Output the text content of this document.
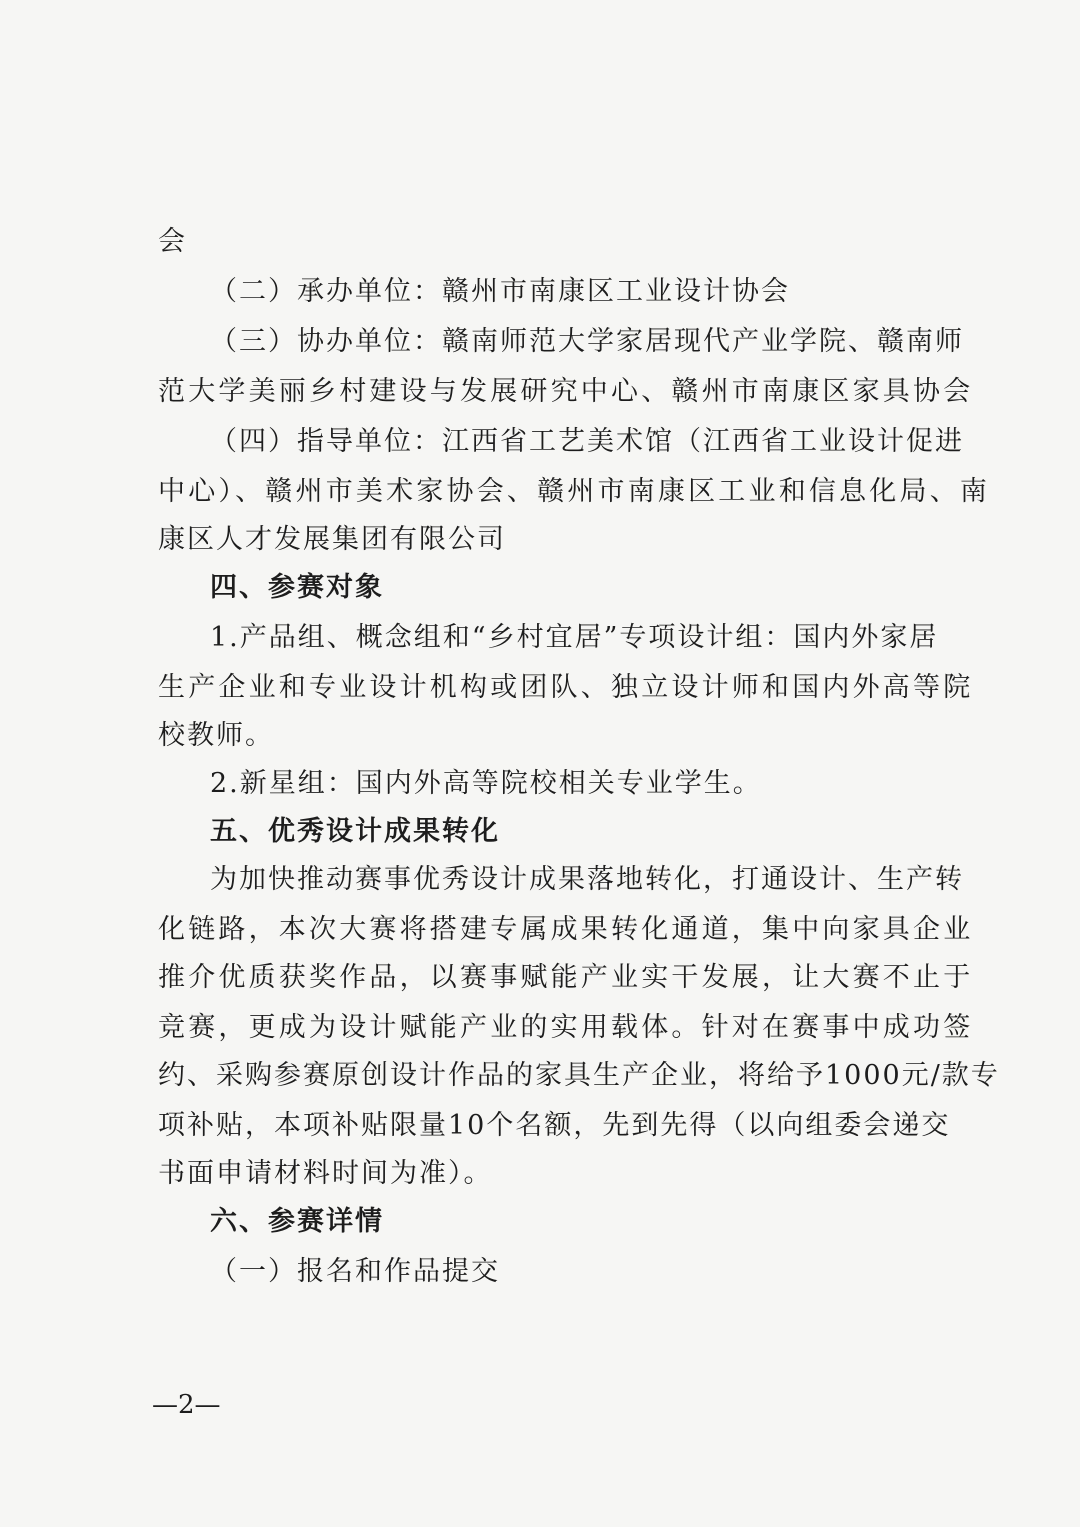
会
（二）承办单位：赣州市南康区工业设计协会
（三）协办单位：赣南师范大学家居现代产业学院、赣南师
范大学美丽乡村建设与发展研究中心、赣州市南康区家具协会
（四）指导单位：江西省工艺美术馆（江西省工业设计促进
中心）、赣州市美术家协会、赣州市南康区工业和信息化局、南
康区人才发展集团有限公司
四、参赛对象
1.产品组、概念组和“乡村宜居”专项设计组：国内外家居
生产企业和专业设计机构或团队、独立设计师和国内外高等院
校教师。
2.新星组：国内外高等院校相关专业学生。
五、优秀设计成果转化
为加快推动赛事优秀设计成果落地转化，打通设计、生产转
化链路，本次大赛将搭建专属成果转化通道，集中向家具企业
推介优质获奖作品，以赛事赋能产业实干发展，让大赛不止于
竞赛，更成为设计赋能产业的实用载体。针对在赛事中成功签
约、采购参赛原创设计作品的家具生产企业，将给予1000元/款专
项补贴，本项补贴限量10个名额，先到先得（以向组委会递交
书面申请材料时间为准）。
六、参赛详情
（一）报名和作品提交
—2—
